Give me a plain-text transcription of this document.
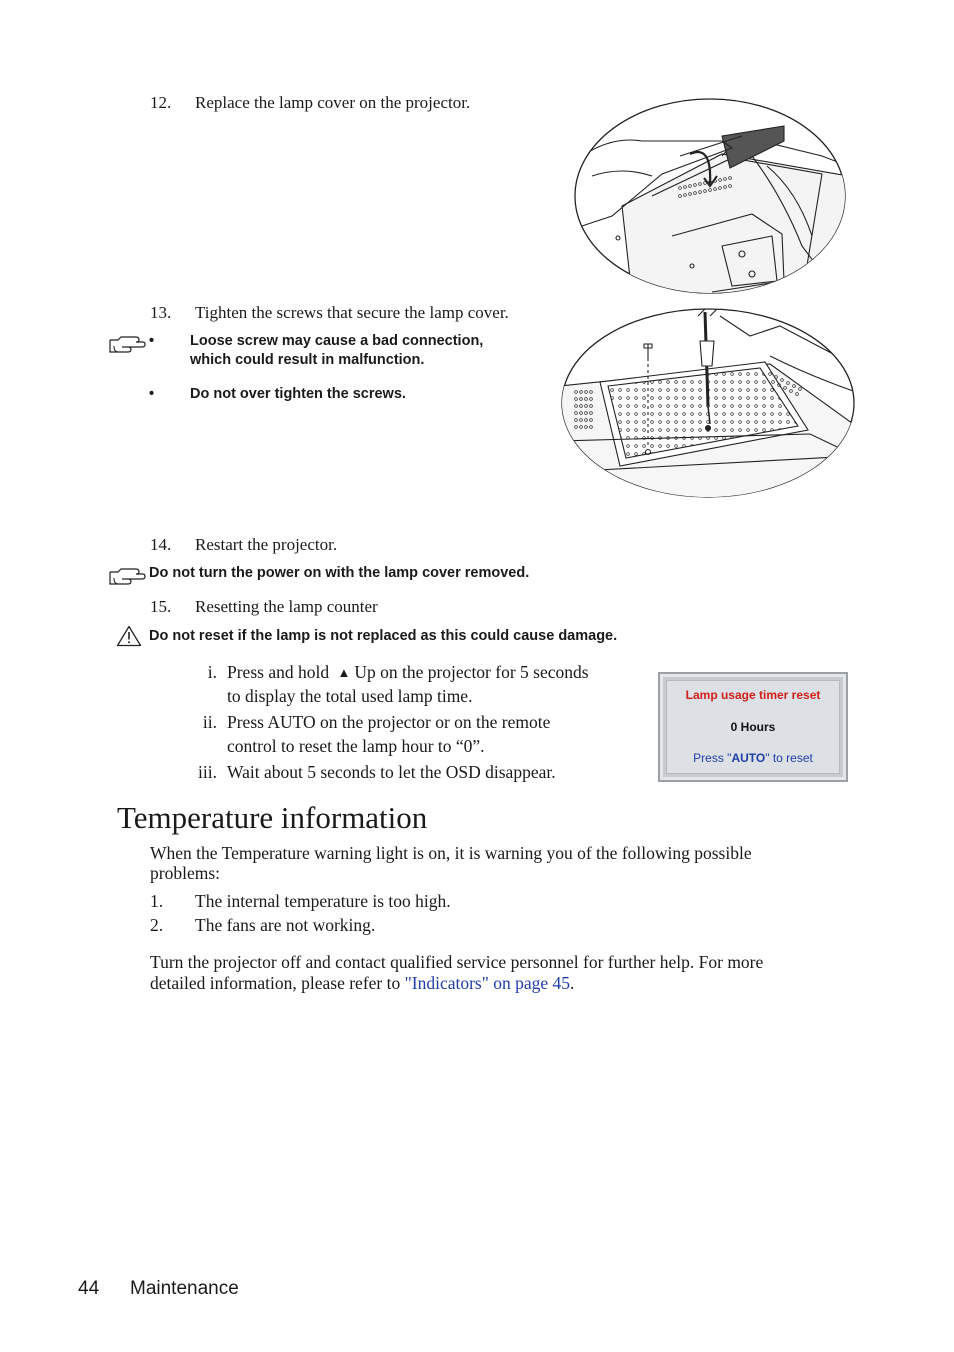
12. Replace the lamp cover on the projector.
13. Tighten the screws that secure the lamp cover.
• Loose screw may cause a bad connection,
which could result in malfunction.
• Do not over tighten the screws.
14. Restart the projector.
Do not turn the power on with the lamp cover removed.
15. Resetting the lamp counter
Do not reset if the lamp is not replaced as this could cause damage.
i. Press and hold ▲ Up on the projector for 5 seconds
to display the total used lamp time.
ii. Press AUTO on the projector or on the remote
control to reset the lamp hour to “0”.
iii. Wait about 5 seconds to let the OSD disappear.
Lamp usage timer reset
0 Hours
Press "AUTO" to reset
Temperature information
When the Temperature warning light is on, it is warning you of the following possible
problems:
1. The internal temperature is too high.
2. The fans are not working.
Turn the projector off and contact qualified service personnel for further help. For more
detailed information, please refer to "Indicators" on page 45.
44 Maintenance
